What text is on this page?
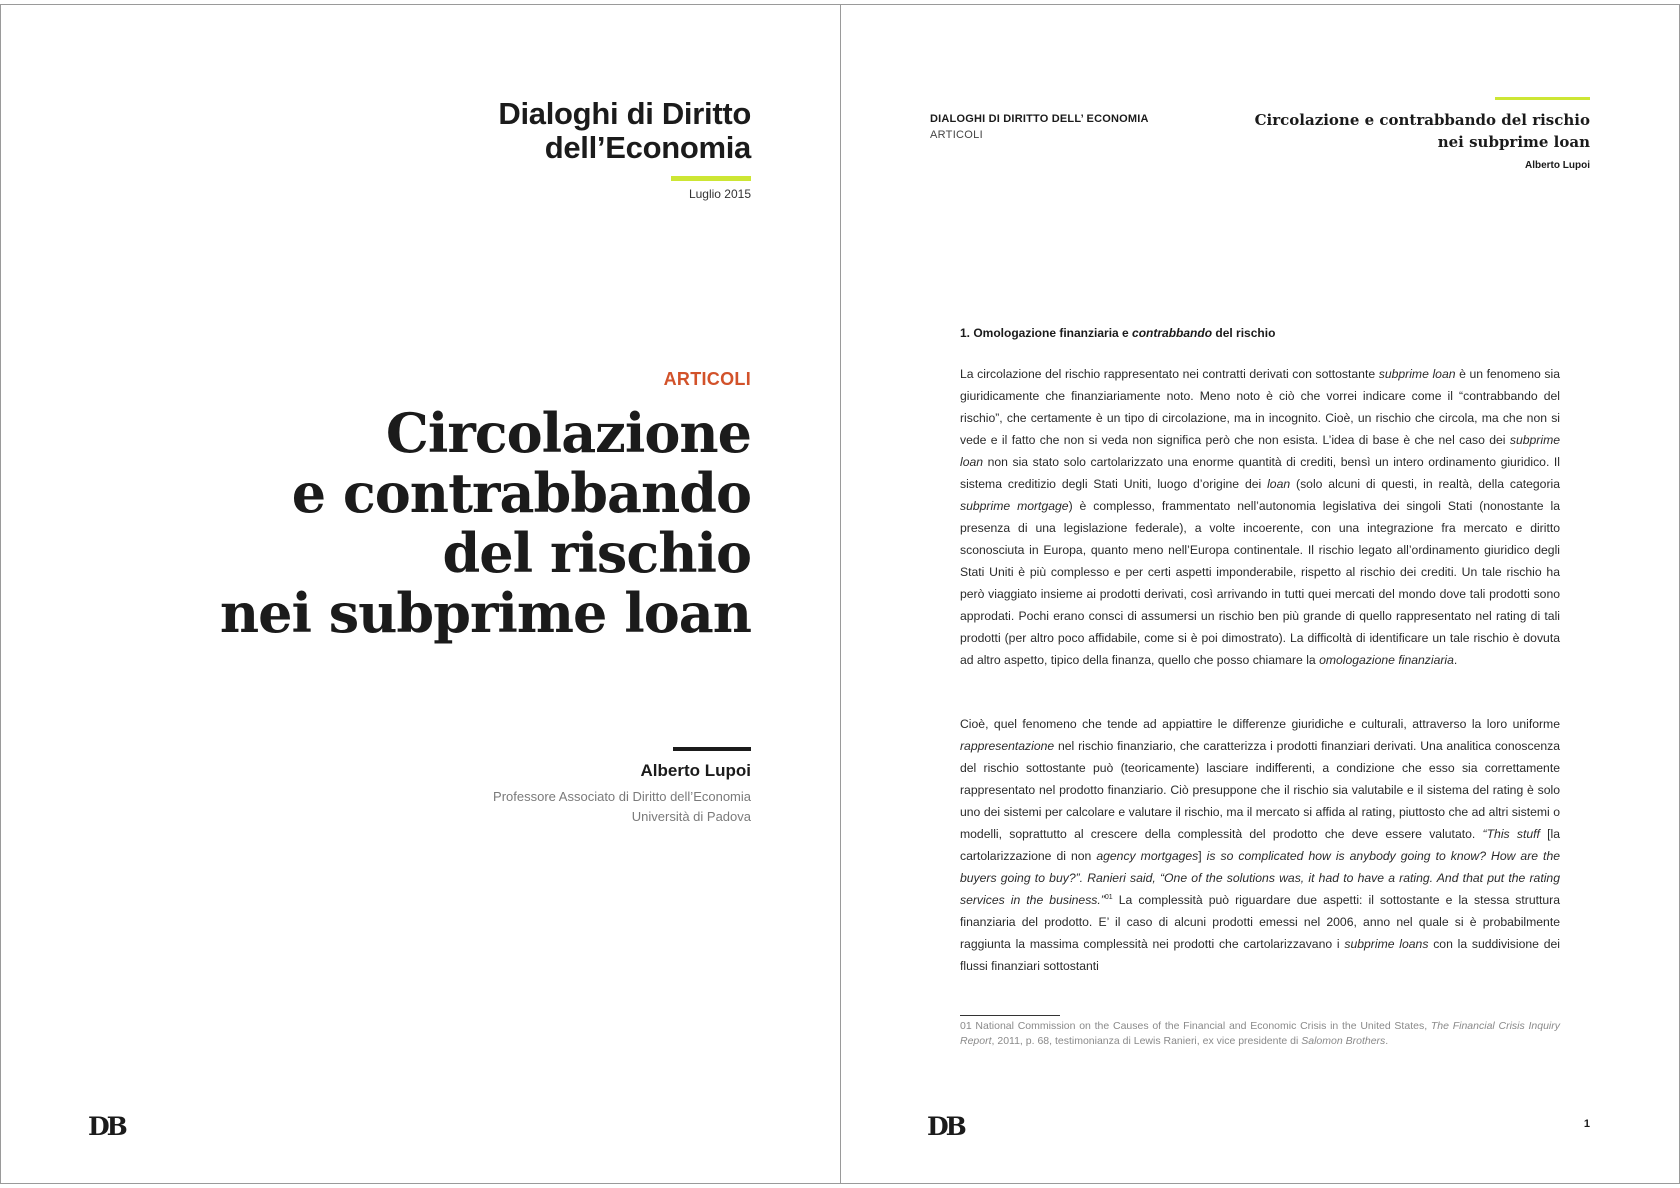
Dialoghi di Diritto
dell’Economia
Luglio 2015
ARTICOLI
Circolazione
e contrabbando
del rischio
nei subprime loan
Alberto Lupoi
Professore Associato di Diritto dell’Economia
Università di Padova
DB
DIALOGHI DI DIRITTO DELL’ ECONOMIA
ARTICOLI
Circolazione e contrabbando del rischio
nei subprime loan
Alberto Lupoi
1. Omologazione finanziaria e contrabbando del rischio
La circolazione del rischio rappresentato nei contratti derivati con sottostante subprime loan è un fenomeno sia giuridicamente che finanziariamente noto. Meno noto è ciò che vorrei indicare come il “contrabbando del rischio”, che certamente è un tipo di circolazione, ma in incognito. Cioè, un rischio che circola, ma che non si vede e il fatto che non si veda non significa però che non esista. L’idea di base è che nel caso dei subprime loan non sia stato solo cartolarizzato una enorme quantità di crediti, bensì un intero ordinamento giuridico. Il sistema creditizio degli Stati Uniti, luogo d’origine dei loan (solo alcuni di questi, in realtà, della categoria subprime mortgage) è complesso, frammentato nell’autonomia legislativa dei singoli Stati (nonostante la presenza di una legislazione federale), a volte incoerente, con una integrazione fra mercato e diritto sconosciuta in Europa, quanto meno nell’Europa continentale. Il rischio legato all’ordinamento giuridico degli Stati Uniti è più complesso e per certi aspetti imponderabile, rispetto al rischio dei crediti. Un tale rischio ha però viaggiato insieme ai prodotti derivati, così arrivando in tutti quei mercati del mondo dove tali prodotti sono approdati. Pochi erano consci di assumersi un rischio ben più grande di quello rappresentato nel rating di tali prodotti (per altro poco affidabile, come si è poi dimostrato). La difficoltà di identificare un tale rischio è dovuta ad altro aspetto, tipico della finanza, quello che posso chiamare la omologazione finanziaria.
Cioè, quel fenomeno che tende ad appiattire le differenze giuridiche e culturali, attraverso la loro uniforme rappresentazione nel rischio finanziario, che caratterizza i prodotti finanziari derivati. Una analitica conoscenza del rischio sottostante può (teoricamente) lasciare indifferenti, a condizione che esso sia correttamente rappresentato nel prodotto finanziario. Ciò presuppone che il rischio sia valutabile e il sistema del rating è solo uno dei sistemi per calcolare e valutare il rischio, ma il mercato si affida al rating, piuttosto che ad altri sistemi o modelli, soprattutto al crescere della complessità del prodotto che deve essere valutato. “This stuff [la cartolarizzazione di non agency mortgages] is so complicated how is anybody going to know? How are the buyers going to buy?”. Ranieri said, “One of the solutions was, it had to have a rating. And that put the rating services in the business.”$^{01}$ La complessità può riguardare due aspetti: il sottostante e la stessa struttura finanziaria del prodotto. E’ il caso di alcuni prodotti emessi nel 2006, anno nel quale si è probabilmente raggiunta la massima complessità nei prodotti che cartolarizzavano i subprime loans con la suddivisione dei flussi finanziari sottostanti
01 National Commission on the Causes of the Financial and Economic Crisis in the United States, The Financial Crisis Inquiry Report, 2011, p. 68, testimonianza di Lewis Ranieri, ex vice presidente di Salomon Brothers.
DB	1
